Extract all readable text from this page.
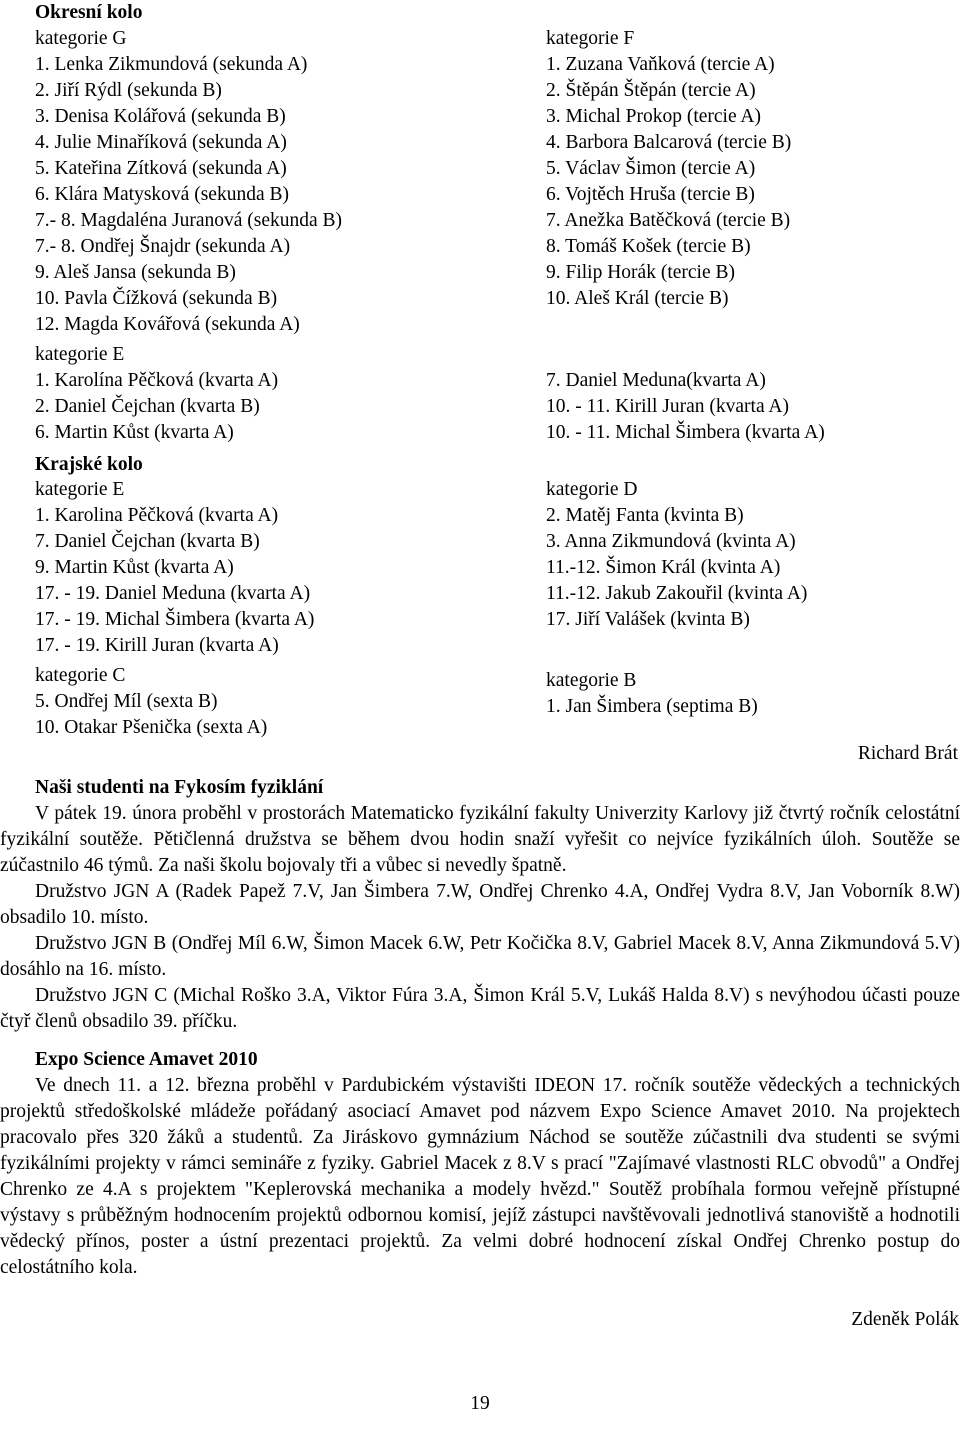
Okresní kolo
kategorie G
1. Lenka Zikmundová (sekunda A)
2. Jiří Rýdl (sekunda B)
3. Denisa Kolářová (sekunda B)
4. Julie Minaříková (sekunda A)
5. Kateřina Zítková (sekunda A)
6. Klára Matysková (sekunda B)
7.- 8. Magdaléna Juranová (sekunda B)
7.- 8. Ondřej Šnajdr (sekunda A)
9. Aleš Jansa (sekunda B)
10. Pavla Čížková (sekunda B)
12. Magda Kovářová (sekunda A)
kategorie F
1. Zuzana Vaňková (tercie A)
2. Štěpán Štěpán (tercie A)
3. Michal Prokop (tercie A)
4. Barbora Balcarová (tercie B)
5. Václav Šimon (tercie A)
6. Vojtěch Hruša (tercie B)
7. Anežka Batěčková (tercie B)
8. Tomáš Košek (tercie B)
9. Filip Horák (tercie B)
10. Aleš Král (tercie B)
kategorie E
1. Karolína Pěčková (kvarta A)
2. Daniel Čejchan (kvarta B)
6. Martin Kůst (kvarta A)
7. Daniel Meduna(kvarta A)
10. - 11. Kirill Juran (kvarta A)
10. - 11. Michal Šimbera (kvarta A)
Krajské kolo
kategorie E
1. Karolina Pěčková (kvarta A)
7. Daniel Čejchan (kvarta B)
9. Martin Kůst (kvarta A)
17. - 19. Daniel Meduna (kvarta A)
17. - 19. Michal Šimbera (kvarta A)
17. - 19. Kirill Juran (kvarta A)
kategorie C
5. Ondřej Míl (sexta B)
10. Otakar Pšenička (sexta A)
kategorie D
2. Matěj Fanta (kvinta B)
3. Anna Zikmundová (kvinta A)
11.-12. Šimon Král (kvinta A)
11.-12. Jakub Zakouřil (kvinta A)
17. Jiří Valášek (kvinta B)
kategorie B
1. Jan Šimbera (septima B)
Richard Brát
Naši studenti na Fykosím fyziklání
V pátek 19. února proběhl v prostorách Matematicko fyzikální fakulty Univerzity Karlovy již čtvrtý ročník celostátní fyzikální soutěže. Pětičlenná družstva se během dvou hodin snaží vyřešit co nejvíce fyzikálních úloh. Soutěže se zúčastnilo 46 týmů. Za naši školu bojovaly tři a vůbec si nevedly špatně.
Družstvo JGN A (Radek Papež 7.V, Jan Šimbera 7.W, Ondřej Chrenko 4.A, Ondřej Vydra 8.V, Jan Voborník 8.W) obsadilo 10. místo.
Družstvo JGN B (Ondřej Míl 6.W, Šimon Macek 6.W, Petr Kočička 8.V, Gabriel Macek 8.V, Anna Zikmundová 5.V) dosáhlo na 16. místo.
Družstvo JGN C (Michal Roško 3.A, Viktor Fúra 3.A, Šimon Král 5.V, Lukáš Halda 8.V) s nevýhodou účasti pouze čtyř členů obsadilo 39. příčku.
Expo Science Amavet 2010
Ve dnech 11. a 12. března proběhl v Pardubickém výstavišti IDEON 17. ročník soutěže vědeckých a technických projektů středoškolské mládeže pořádaný asociací Amavet pod názvem Expo Science Amavet 2010. Na projektech pracovalo přes 320 žáků a studentů. Za Jiráskovo gymnázium Náchod se soutěže zúčastnili dva studenti se svými fyzikálními projekty v rámci semináře z fyziky. Gabriel Macek z 8.V s prací "Zajímavé vlastnosti RLC obvodů" a Ondřej Chrenko ze 4.A s projektem "Keplerovská mechanika a modely hvězd." Soutěž probíhala formou veřejně přístupné výstavy s průběžným hodnocením projektů odbornou komisí, jejíž zástupci navštěvovali jednotlivá stanoviště a hodnotili vědecký přínos, poster a ústní prezentaci projektů. Za velmi dobré hodnocení získal Ondřej Chrenko postup do celostátního kola.
Zdeněk Polák
19
